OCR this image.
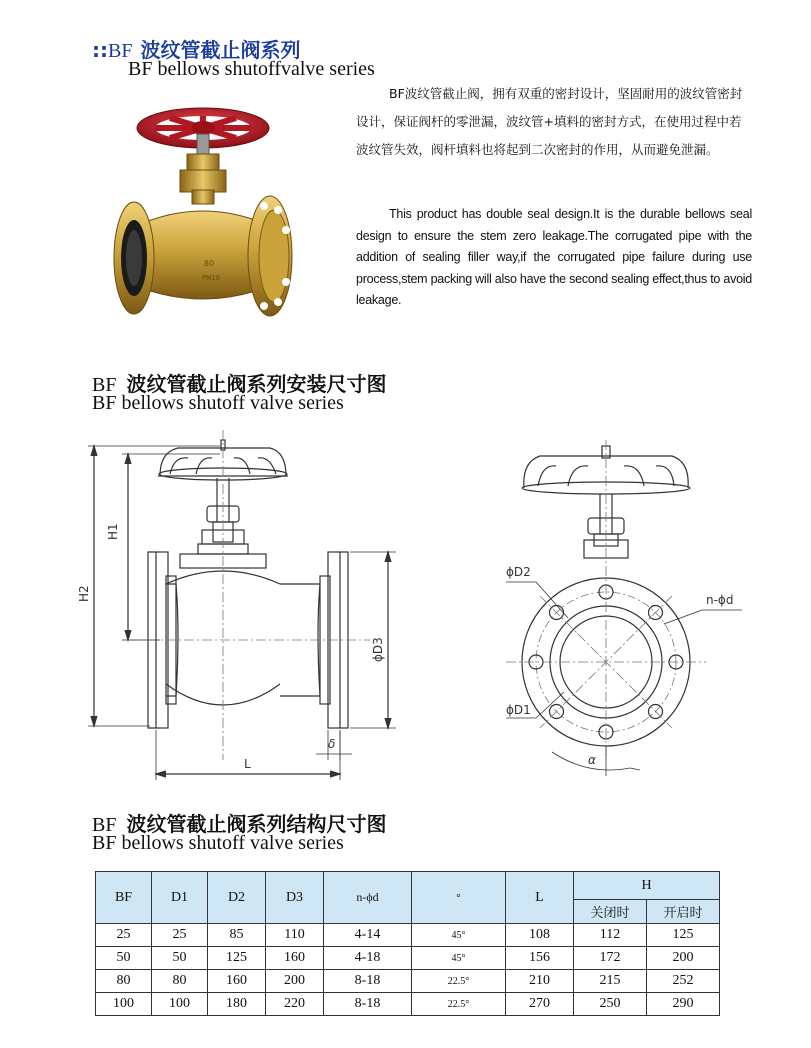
::BF 波纹管截止阀系列
BF bellows shutoffvalve series
80
PN16

BF波纹管截止阀，拥有双重的密封设计，坚固耐用的波纹管密封设计，保证阀杆的零泄漏，波纹管+填料的密封方式，在使用过程中若波纹管失效，阀杆填料也将起到二次密封的作用，从而避免泄漏。

This product has double seal design.It is the durable bellows seal design to ensure the stem zero leakage.The corrugated pipe with the addition of sealing filler way,if the corrugated pipe failure during use process,stem packing will also have the second sealing effect,thus to avoid leakage.

BF 波纹管截止阀系列安装尺寸图
BF bellows shutoff valve series
H2
ϕD3
δ
L
H1
ϕD2
ϕD1
n-ϕd
α
BF 波纹管截止阀系列结构尺寸图
BF bellows shutoff valve series
BF	D1	D2	D3	n-ϕd	°	L	H	
							关闭时	开启时
25	25	85	110	4-14	45°	108	112	125
50	50	125	160	4-18	45°	156	172	200
80	80	160	200	8-18	22.5°	210	215	252
100	100	180	220	8-18	22.5°	270	250	290
